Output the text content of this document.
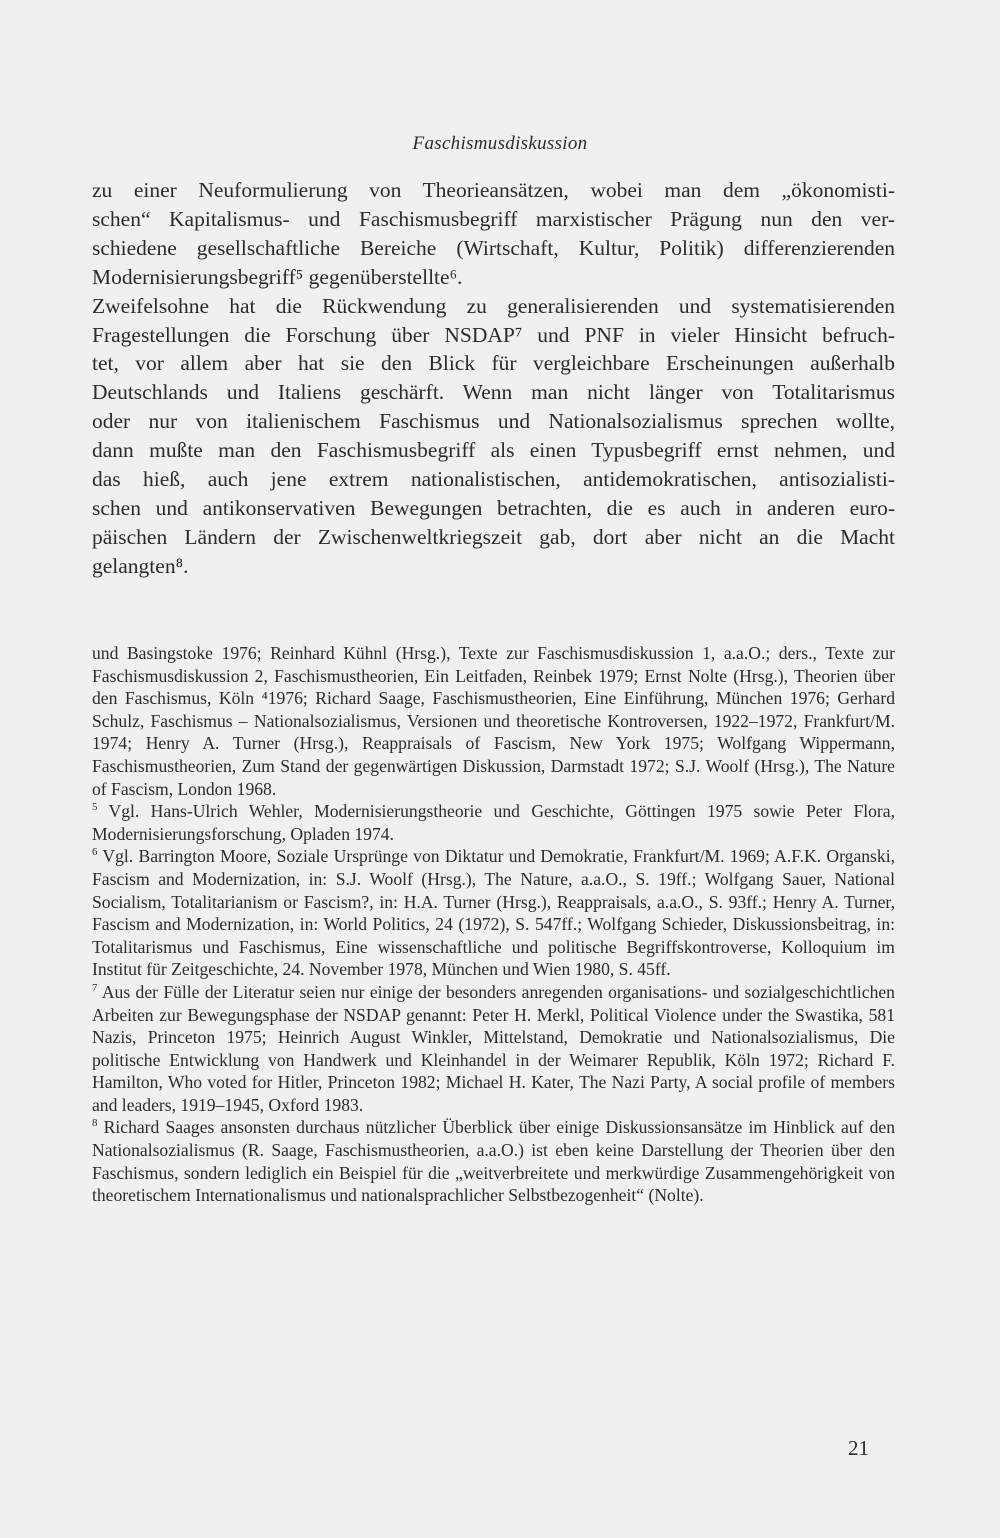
Faschismusdiskussion

zu einer Neuformulierung von Theorieansätzen, wobei man dem „ökonomisti-
schen“ Kapitalismus- und Faschismusbegriff marxistischer Prägung nun den ver-
schiedene gesellschaftliche Bereiche (Wirtschaft, Kultur, Politik) differenzierenden
Modernisierungsbegriff⁵ gegenüberstellte⁶.

Zweifelsohne hat die Rückwendung zu generalisierenden und systematisierenden
Fragestellungen die Forschung über NSDAP⁷ und PNF in vieler Hinsicht befruch-
tet, vor allem aber hat sie den Blick für vergleichbare Erscheinungen außerhalb
Deutschlands und Italiens geschärft. Wenn man nicht länger von Totalitarismus
oder nur von italienischem Faschismus und Nationalsozialismus sprechen wollte,
dann mußte man den Faschismusbegriff als einen Typusbegriff ernst nehmen, und
das hieß, auch jene extrem nationalistischen, antidemokratischen, antisozialisti-
schen und antikonservativen Bewegungen betrachten, die es auch in anderen euro-
päischen Ländern der Zwischenweltkriegszeit gab, dort aber nicht an die Macht
gelangten⁸.

und Basingstoke 1976; Reinhard Kühnl (Hrsg.), Texte zur Faschismusdiskussion 1, a.a.O.; ders., Texte zur Faschismusdiskussion 2, Faschismustheorien, Ein Leitfaden, Reinbek 1979; Ernst Nolte (Hrsg.), Theorien über den Faschismus, Köln ⁴1976; Richard Saage, Faschismustheorien, Eine Einführung, München 1976; Gerhard Schulz, Faschismus – Nationalsozialismus, Versionen und theoretische Kontroversen, 1922–1972, Frankfurt/M. 1974; Henry A. Turner (Hrsg.), Reappraisals of Fascism, New York 1975; Wolfgang Wippermann, Faschismustheorien, Zum Stand der gegenwärtigen Diskussion, Darmstadt 1972; S.J. Woolf (Hrsg.), The Nature of Fascism, London 1968.

$^5$ Vgl. Hans-Ulrich Wehler, Modernisierungstheorie und Geschichte, Göttingen 1975 sowie Peter Flora, Modernisierungsforschung, Opladen 1974.

$^6$ Vgl. Barrington Moore, Soziale Ursprünge von Diktatur und Demokratie, Frankfurt/M. 1969; A.F.K. Organski, Fascism and Modernization, in: S.J. Woolf (Hrsg.), The Nature, a.a.O., S. 19ff.; Wolfgang Sauer, National Socialism, Totalitarianism or Fascism?, in: H.A. Turner (Hrsg.), Reappraisals, a.a.O., S. 93ff.; Henry A. Turner, Fascism and Modernization, in: World Politics, 24 (1972), S. 547ff.; Wolfgang Schieder, Diskussionsbeitrag, in: Totalitarismus und Faschismus, Eine wissenschaftliche und politische Begriffskontroverse, Kolloquium im Institut für Zeitgeschichte, 24. November 1978, München und Wien 1980, S. 45ff.

$^7$ Aus der Fülle der Literatur seien nur einige der besonders anregenden organisations- und sozialgeschichtlichen Arbeiten zur Bewegungsphase der NSDAP genannt: Peter H. Merkl, Political Violence under the Swastika, 581 Nazis, Princeton 1975; Heinrich August Winkler, Mittelstand, Demokratie und Nationalsozialismus, Die politische Entwicklung von Handwerk und Kleinhandel in der Weimarer Republik, Köln 1972; Richard F. Hamilton, Who voted for Hitler, Princeton 1982; Michael H. Kater, The Nazi Party, A social profile of members and leaders, 1919–1945, Oxford 1983.

$^8$ Richard Saages ansonsten durchaus nützlicher Überblick über einige Diskussionsansätze im Hinblick auf den Nationalsozialismus (R. Saage, Faschismustheorien, a.a.O.) ist eben keine Darstellung der Theorien über den Faschismus, sondern lediglich ein Beispiel für die „weitverbreitete und merkwürdige Zusammengehörigkeit von theoretischem Internationalismus und nationalsprachlicher Selbstbezogenheit“ (Nolte).

21
